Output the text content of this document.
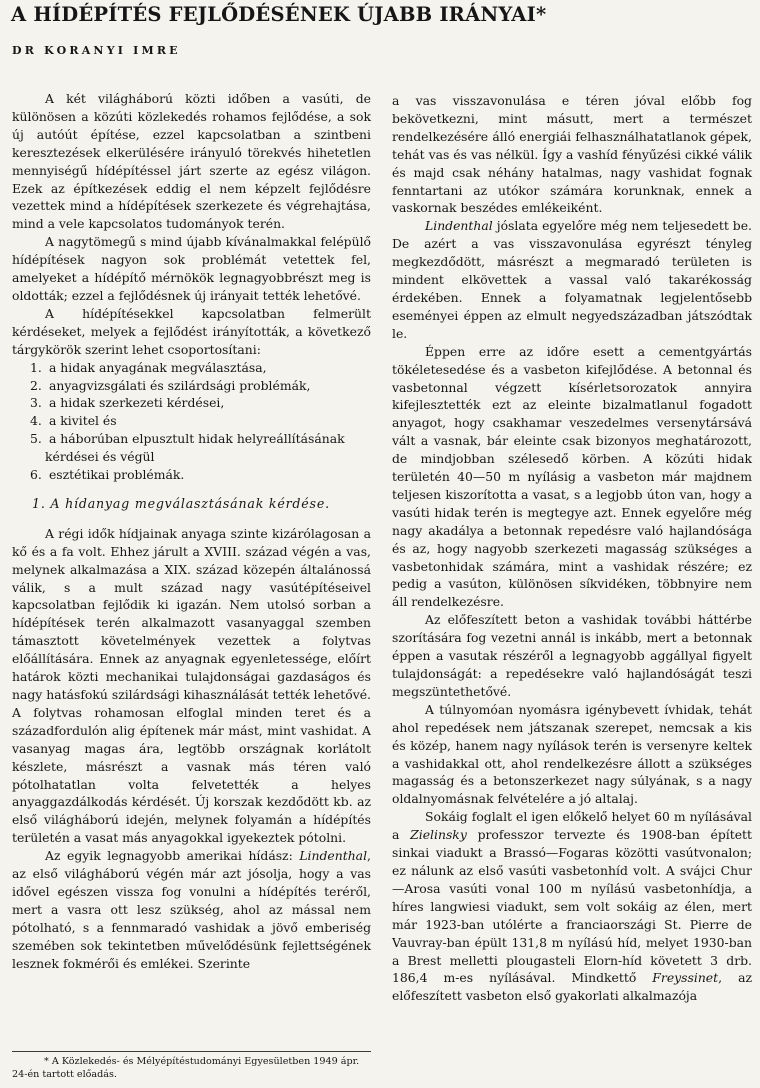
A HÍDÉPÍTÉS FEJLŐDÉSÉNEK ÚJABB IRÁNYAI*
DR KORANYI IMRE

A két világháború közti időben a vasúti, de különösen a közúti közlekedés rohamos fejlődése, a sok új autóút építése, ezzel kapcsolatban a szintbeni keresztezések elkerülésére irányuló törekvés hihetetlen mennyiségű hídépítéssel járt szerte az egész világon. Ezek az építkezések eddig el nem képzelt fejlődésre vezettek mind a hídépítések szerkezete és végrehajtása, mind a vele kapcsolatos tudományok terén.

A nagytömegű s mind újabb kívánalmakkal felépülő hídépítések nagyon sok problémát vetettek fel, amelyeket a hídépítő mérnökök legnagyobbrészt meg is oldották; ezzel a fejlődésnek új irányait tették lehetővé.

A hídépítésekkel kapcsolatban felmerült kérdéseket, melyek a fejlődést irányították, a következő tárgykörök szerint lehet csoportosítani:

1. a hidak anyagának megválasztása,
2. anyagvizsgálati és szilárdsági problémák,
3. a hidak szerkezeti kérdései,
4. a kivitel és
5. a háborúban elpusztult hidak helyreállításának kérdései és végül
6. esztétikai problémák.
1. A hídanyag megválasztásának kérdése.

A régi idők hídjainak anyaga szinte kizárólagosan a kő és a fa volt. Ehhez járult a XVIII. század végén a vas, melynek alkalmazása a XIX. század közepén általánossá válik, s a mult század nagy vasútépítéseivel kapcsolatban fejlődik ki igazán. Nem utolsó sorban a hídépítések terén alkalmazott vasanyaggal szemben támasztott követelmények vezettek a folytvas előállítására. Ennek az anyagnak egyenletessége, előírt határok közti mechanikai tulajdonságai gazdaságos és nagy hatásfokú szilárdsági kihasználását tették lehetővé. A folytvas rohamosan elfoglal minden teret és a századfordulón alig építenek már mást, mint vashidat. A vasanyag magas ára, legtöbb országnak korlátolt készlete, másrészt a vasnak más téren való pótolhatatlan volta felvetették a helyes anyaggazdálkodás kérdését. Új korszak kezdődött kb. az első világháború idején, melynek folyamán a hídépítés területén a vasat más anyagokkal igyekeztek pótolni.

Az egyik legnagyobb amerikai hídász: Lindenthal, az első világháború végén már azt jósolja, hogy a vas idővel egészen vissza fog vonulni a hídépítés teréről, mert a vasra ott lesz szükség, ahol az mással nem pótolható, s a fennmaradó vashidak a jövő emberiség szemében sok tekintetben művelődésünk fejlettségének lesznek fokmérői és emlékei. Szerinte

a vas visszavonulása e téren jóval előbb fog bekövetkezni, mint másutt, mert a természet rendelkezésére álló energiái felhasználhatatlanok gépek, tehát vas és vas nélkül. Így a vashíd fényűzési cikké válik és majd csak néhány hatalmas, nagy vashidat fognak fenntartani az utókor számára korunknak, ennek a vaskornak beszédes emlékeiként.

Lindenthal jóslata egyelőre még nem teljesedett be. De azért a vas visszavonulása egyrészt tényleg megkezdődött, másrészt a megmaradó területen is mindent elkövettek a vassal való takarékosság érdekében. Ennek a folyamatnak legjelentősebb eseményei éppen az elmult negyedszázadban játszódtak le.

Éppen erre az időre esett a cementgyártás tökéletesedése és a vasbeton kifejlődése. A betonnal és vasbetonnal végzett kísérletsorozatok annyira kifejlesztették ezt az eleinte bizalmatlanul fogadott anyagot, hogy csakhamar veszedelmes versenytársává vált a vasnak, bár eleinte csak bizonyos meghatározott, de mindjobban szélesedő körben. A közúti hidak területén 40—50 m nyílásig a vasbeton már majdnem teljesen kiszorította a vasat, s a legjobb úton van, hogy a vasúti hidak terén is megtegye azt. Ennek egyelőre még nagy akadálya a betonnak repedésre való hajlandósága és az, hogy nagyobb szerkezeti magasság szükséges a vasbetonhidak számára, mint a vashidak részére; ez pedig a vasúton, különösen síkvidéken, többnyire nem áll rendelkezésre.

Az előfeszített beton a vashidak további háttérbe szorítására fog vezetni annál is inkább, mert a betonnak éppen a vasutak részéről a legnagyobb aggállyal figyelt tulajdonságát: a repedésekre való hajlandóságát teszi megszüntethetővé.

A túlnyomóan nyomásra igénybevett ívhidak, tehát ahol repedések nem játszanak szerepet, nemcsak a kis és közép, hanem nagy nyílások terén is versenyre keltek a vashidakkal ott, ahol rendelkezésre állott a szükséges magasság és a betonszerkezet nagy súlyának, s a nagy oldalnyomásnak felvételére a jó altalaj.

Sokáig foglalt el igen előkelő helyet 60 m nyílásával a Zielinsky professzor tervezte és 1908-ban épített sinkai viadukt a Brassó—Fogaras közötti vasútvonalon; ez nálunk az első vasúti vasbetonhíd volt. A svájci Chur—Arosa vasúti vonal 100 m nyílású vasbetonhídja, a híres langwiesi viadukt, sem volt sokáig az élen, mert már 1923-ban utólérte a franciaországi St. Pierre de Vauvray-ban épült 131,8 m nyílású híd, melyet 1930-ban a Brest melletti plougasteli Elorn-híd követett 3 drb. 186,4 m-es nyílásával. Mindkettő Freyssinet, az előfeszített vasbeton első gyakorlati alkalmazója

* A Közlekedés- és Mélyépítéstudományi Egyesületben 1949 ápr. 24-én tartott előadás.
